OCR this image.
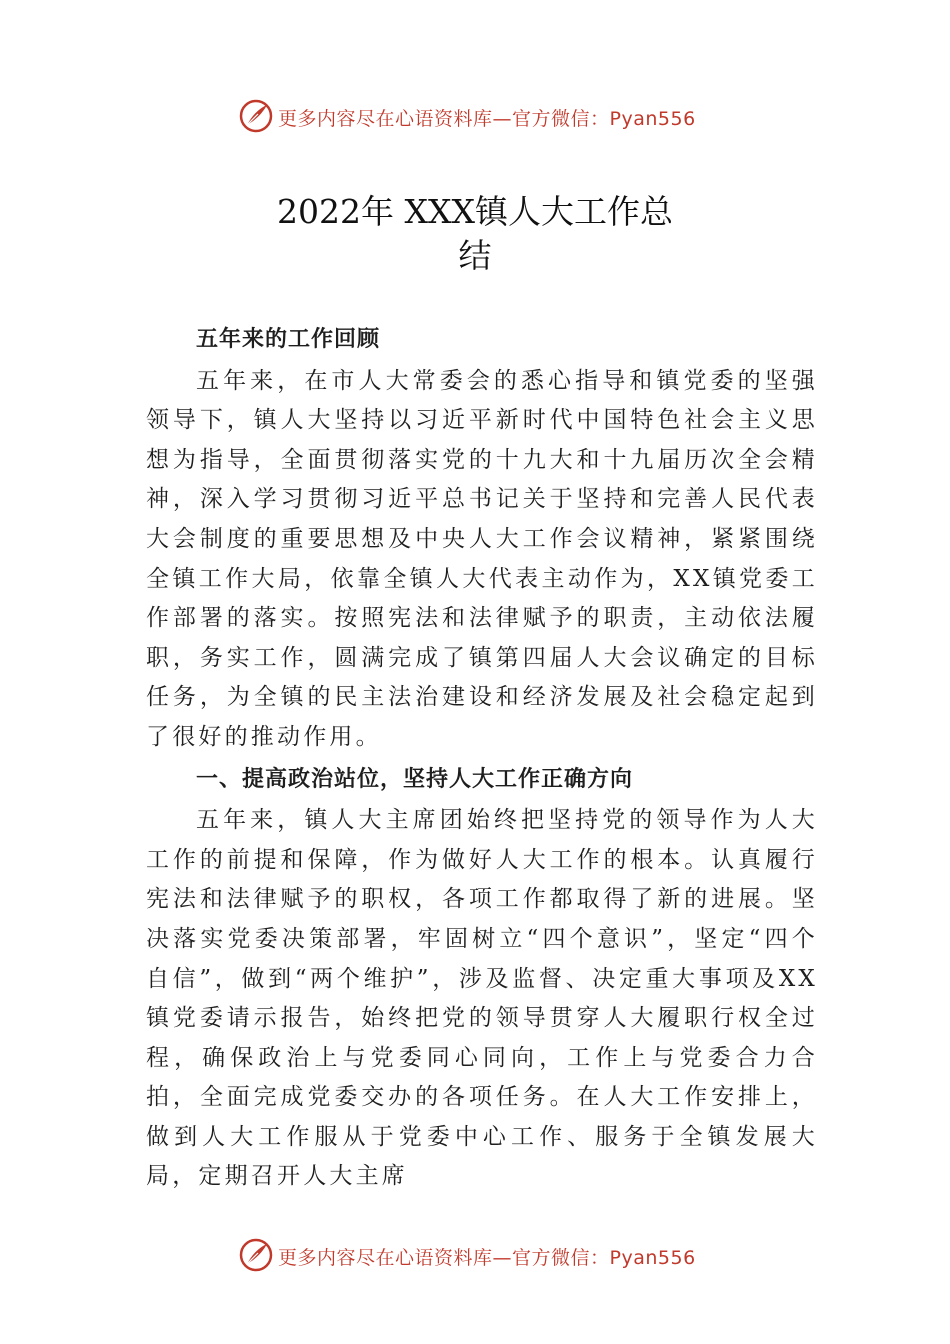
更多内容尽在心语资料库—官方微信：Pyan556
2022年 XXX镇人大工作总
结

五年来的工作回顾

五年来，在市人大常委会的悉心指导和镇党委的坚强领导下，镇人大坚持以习近平新时代中国特色社会主义思想为指导，全面贯彻落实党的十九大和十九届历次全会精神，深入学习贯彻习近平总书记关于坚持和完善人民代表大会制度的重要思想及中央人大工作会议精神，紧紧围绕全镇工作大局，依靠全镇人大代表主动作为，XX镇党委工作部署的落实。按照宪法和法律赋予的职责，主动依法履职，务实工作，圆满完成了镇第四届人大会议确定的目标任务，为全镇的民主法治建设和经济发展及社会稳定起到了很好的推动作用。

一、提高政治站位，坚持人大工作正确方向

五年来，镇人大主席团始终把坚持党的领导作为人大工作的前提和保障，作为做好人大工作的根本。认真履行宪法和法律赋予的职权，各项工作都取得了新的进展。坚决落实党委决策部署，牢固树立“四个意识”，坚定“四个自信”，做到“两个维护”，涉及监督、决定重大事项及XX镇党委请示报告，始终把党的领导贯穿人大履职行权全过程，确保政治上与党委同心同向，工作上与党委合力合拍，全面完成党委交办的各项任务。在人大工作安排上，做到人大工作服从于党委中心工作、服务于全镇发展大局，定期召开人大主席

更多内容尽在心语资料库—官方微信：Pyan556
